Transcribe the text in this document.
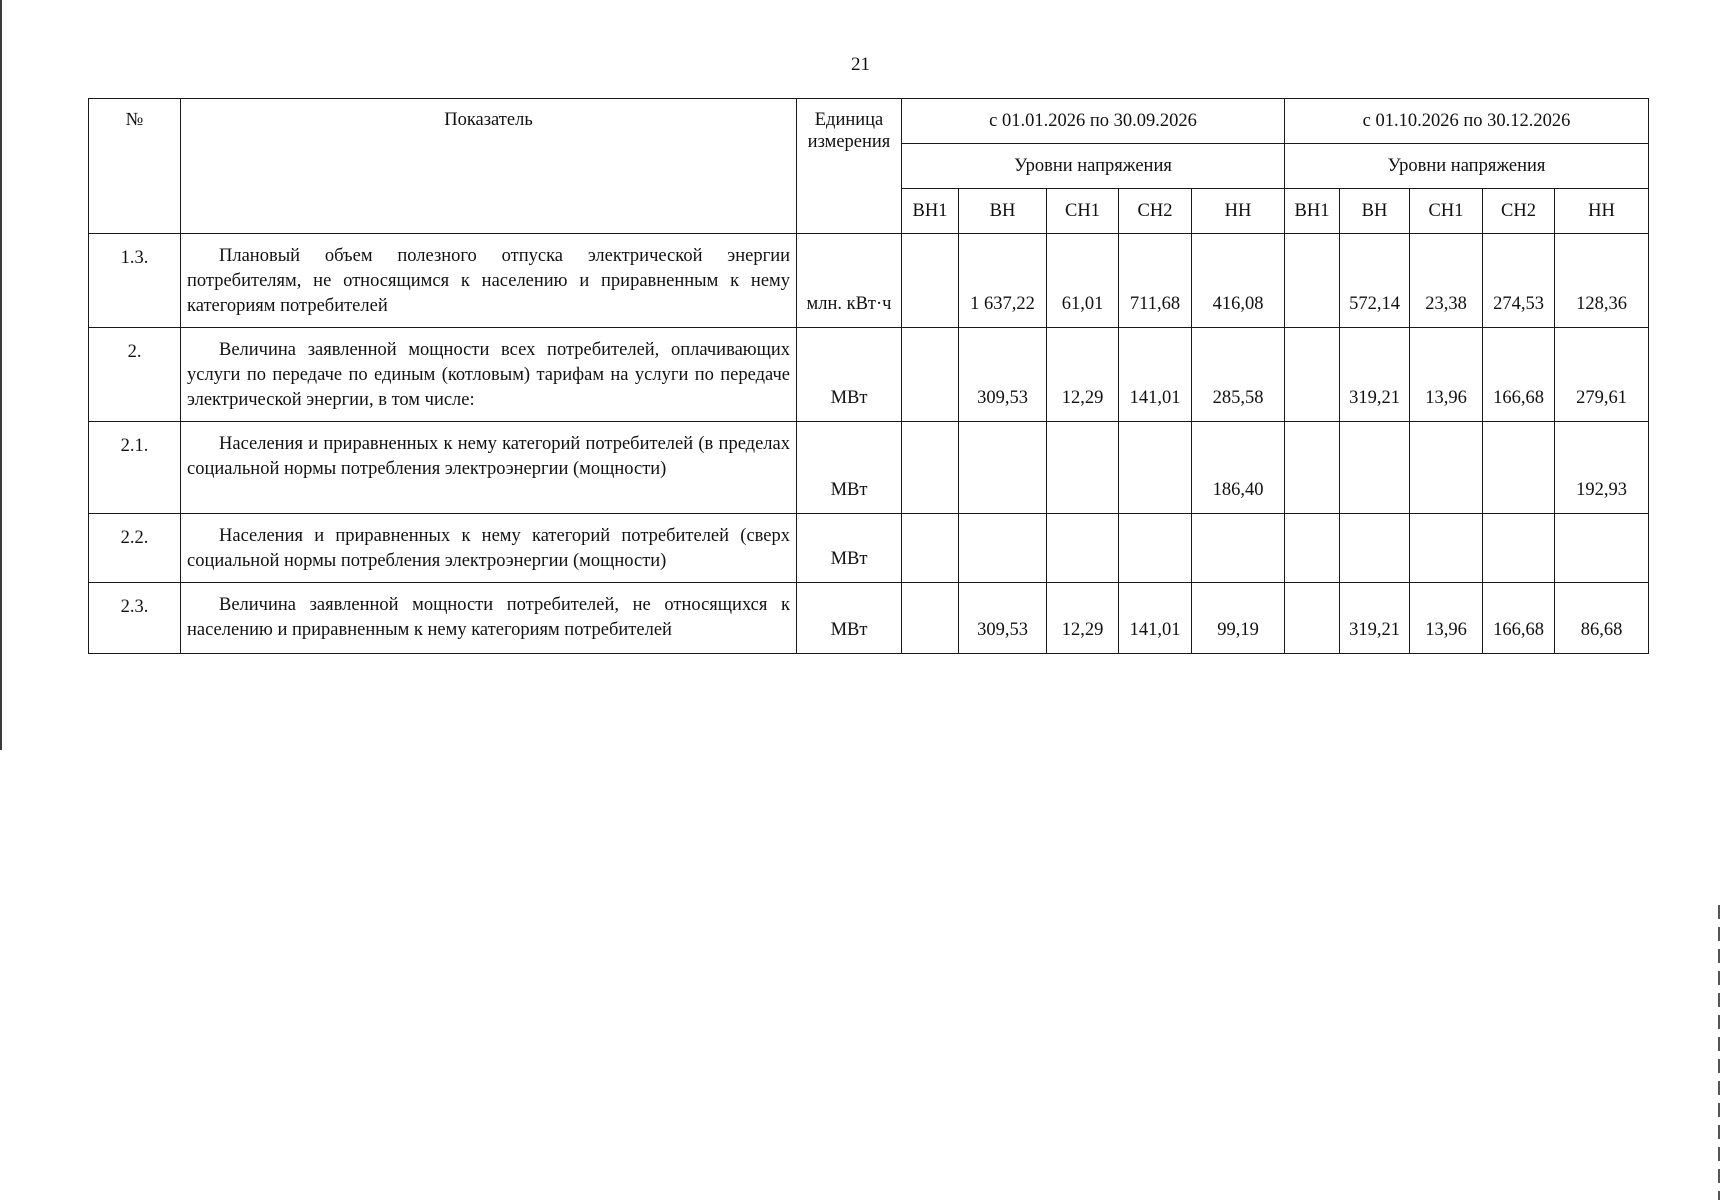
21
№	Показатель	Единица измерения	с 01.01.2026 по 30.09.2026					с 01.10.2026 по 30.12.2026				
			Уровни напряжения					Уровни напряжения				
			ВН1	ВН	СН1	СН2	НН	ВН1	ВН	СН1	СН2	НН
1.3.	Плановый объем полезного отпуска электрической энергии потребителям, не относящимся к населению и приравненным к нему категориям потребителей	млн. кВт·ч		1 637,22	61,01	711,68	416,08		572,14	23,38	274,53	128,36
2.	Величина заявленной мощности всех потребителей, оплачивающих услуги по передаче по единым (котловым) тарифам на услуги по передаче электрической энергии, в том числе:	МВт		309,53	12,29	141,01	285,58		319,21	13,96	166,68	279,61
2.1.	Населения и приравненных к нему категорий потребителей (в пределах социальной нормы потребления электроэнергии (мощности)	МВт					186,40					192,93
2.2.	Населения и приравненных к нему категорий потребителей (сверх социальной нормы потребления электроэнергии (мощности)	МВт										
2.3.	Величина заявленной мощности потребителей, не относящихся к населению и приравненным к нему категориям потребителей	МВт		309,53	12,29	141,01	99,19		319,21	13,96	166,68	86,68
